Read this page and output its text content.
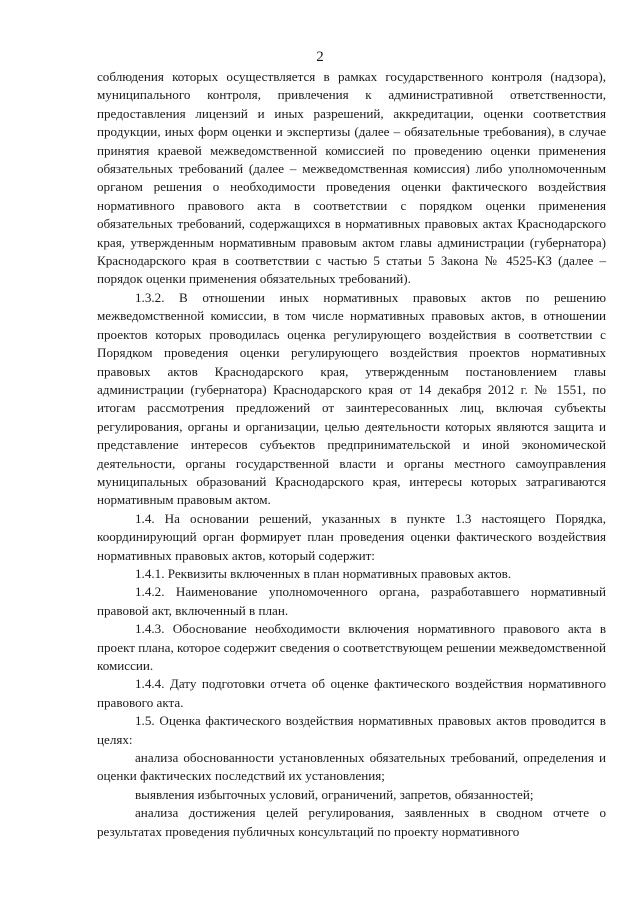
2

соблюдения которых осуществляется в рамках государственного контроля (надзора), муниципального контроля, привлечения к административной ответственности, предоставления лицензий и иных разрешений, аккредитации, оценки соответствия продукции, иных форм оценки и экспертизы (далее – обязательные требования), в случае принятия краевой межведомственной комиссией по проведению оценки применения обязательных требований (далее – межведомственная комиссия) либо уполномоченным органом решения о необходимости проведения оценки фактического воздействия нормативного правового акта в соответствии с порядком оценки применения обязательных требований, содержащихся в нормативных правовых актах Краснодарского края, утвержденным нормативным правовым актом главы администрации (губернатора) Краснодарского края в соответствии с частью 5 статьи 5 Закона № 4525-КЗ (далее – порядок оценки применения обязательных требований).

1.3.2. В отношении иных нормативных правовых актов по решению межведомственной комиссии, в том числе нормативных правовых актов, в отношении проектов которых проводилась оценка регулирующего воздействия в соответствии с Порядком проведения оценки регулирующего воздействия проектов нормативных правовых актов Краснодарского края, утвержденным постановлением главы администрации (губернатора) Краснодарского края от 14 декабря 2012 г. № 1551, по итогам рассмотрения предложений от заинтересованных лиц, включая субъекты регулирования, органы и организации, целью деятельности которых являются защита и представление интересов субъектов предпринимательской и иной экономической деятельности, органы государственной власти и органы местного самоуправления муниципальных образований Краснодарского края, интересы которых затрагиваются нормативным правовым актом.

1.4. На основании решений, указанных в пункте 1.3 настоящего Порядка, координирующий орган формирует план проведения оценки фактического воздействия нормативных правовых актов, который содержит:

1.4.1. Реквизиты включенных в план нормативных правовых актов.

1.4.2. Наименование уполномоченного органа, разработавшего нормативный правовой акт, включенный в план.

1.4.3. Обоснование необходимости включения нормативного правового акта в проект плана, которое содержит сведения о соответствующем решении межведомственной комиссии.

1.4.4. Дату подготовки отчета об оценке фактического воздействия нормативного правового акта.

1.5. Оценка фактического воздействия нормативных правовых актов проводится в целях:

анализа обоснованности установленных обязательных требований, определения и оценки фактических последствий их установления;

выявления избыточных условий, ограничений, запретов, обязанностей;

анализа достижения целей регулирования, заявленных в сводном отчете о результатах проведения публичных консультаций по проекту нормативного
